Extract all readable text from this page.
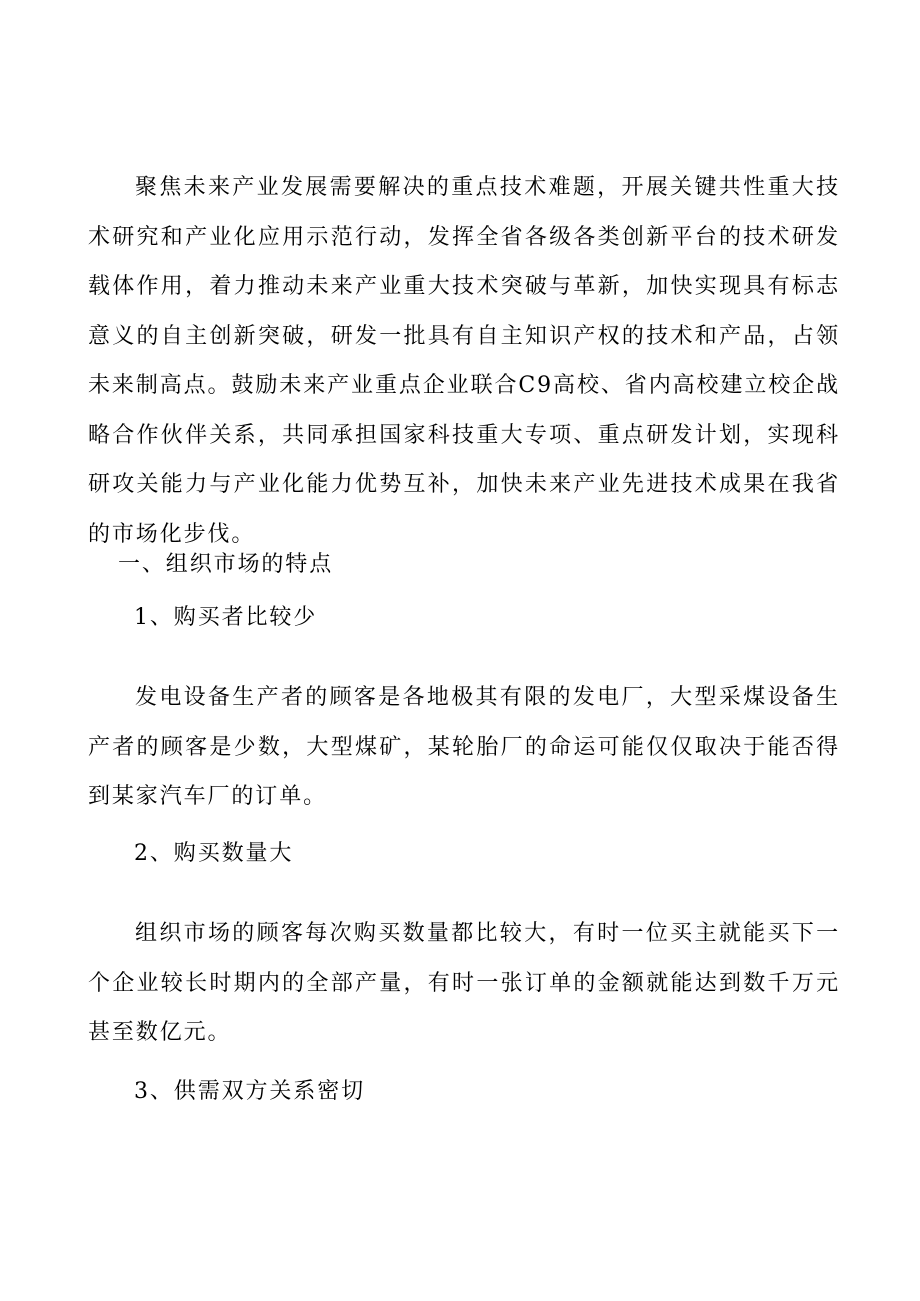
聚焦未来产业发展需要解决的重点技术难题，开展关键共性重大技术研究和产业化应用示范行动，发挥全省各级各类创新平台的技术研发载体作用，着力推动未来产业重大技术突破与革新，加快实现具有标志意义的自主创新突破，研发一批具有自主知识产权的技术和产品，占领未来制高点。鼓励未来产业重点企业联合C9高校、省内高校建立校企战略合作伙伴关系，共同承担国家科技重大专项、重点研发计划，实现科研攻关能力与产业化能力优势互补，加快未来产业先进技术成果在我省的市场化步伐。

一、组织市场的特点

1、购买者比较少

发电设备生产者的顾客是各地极其有限的发电厂，大型采煤设备生产者的顾客是少数，大型煤矿，某轮胎厂的命运可能仅仅取决于能否得到某家汽车厂的订单。

2、购买数量大

组织市场的顾客每次购买数量都比较大，有时一位买主就能买下一个企业较长时期内的全部产量，有时一张订单的金额就能达到数千万元甚至数亿元。

3、供需双方关系密切
